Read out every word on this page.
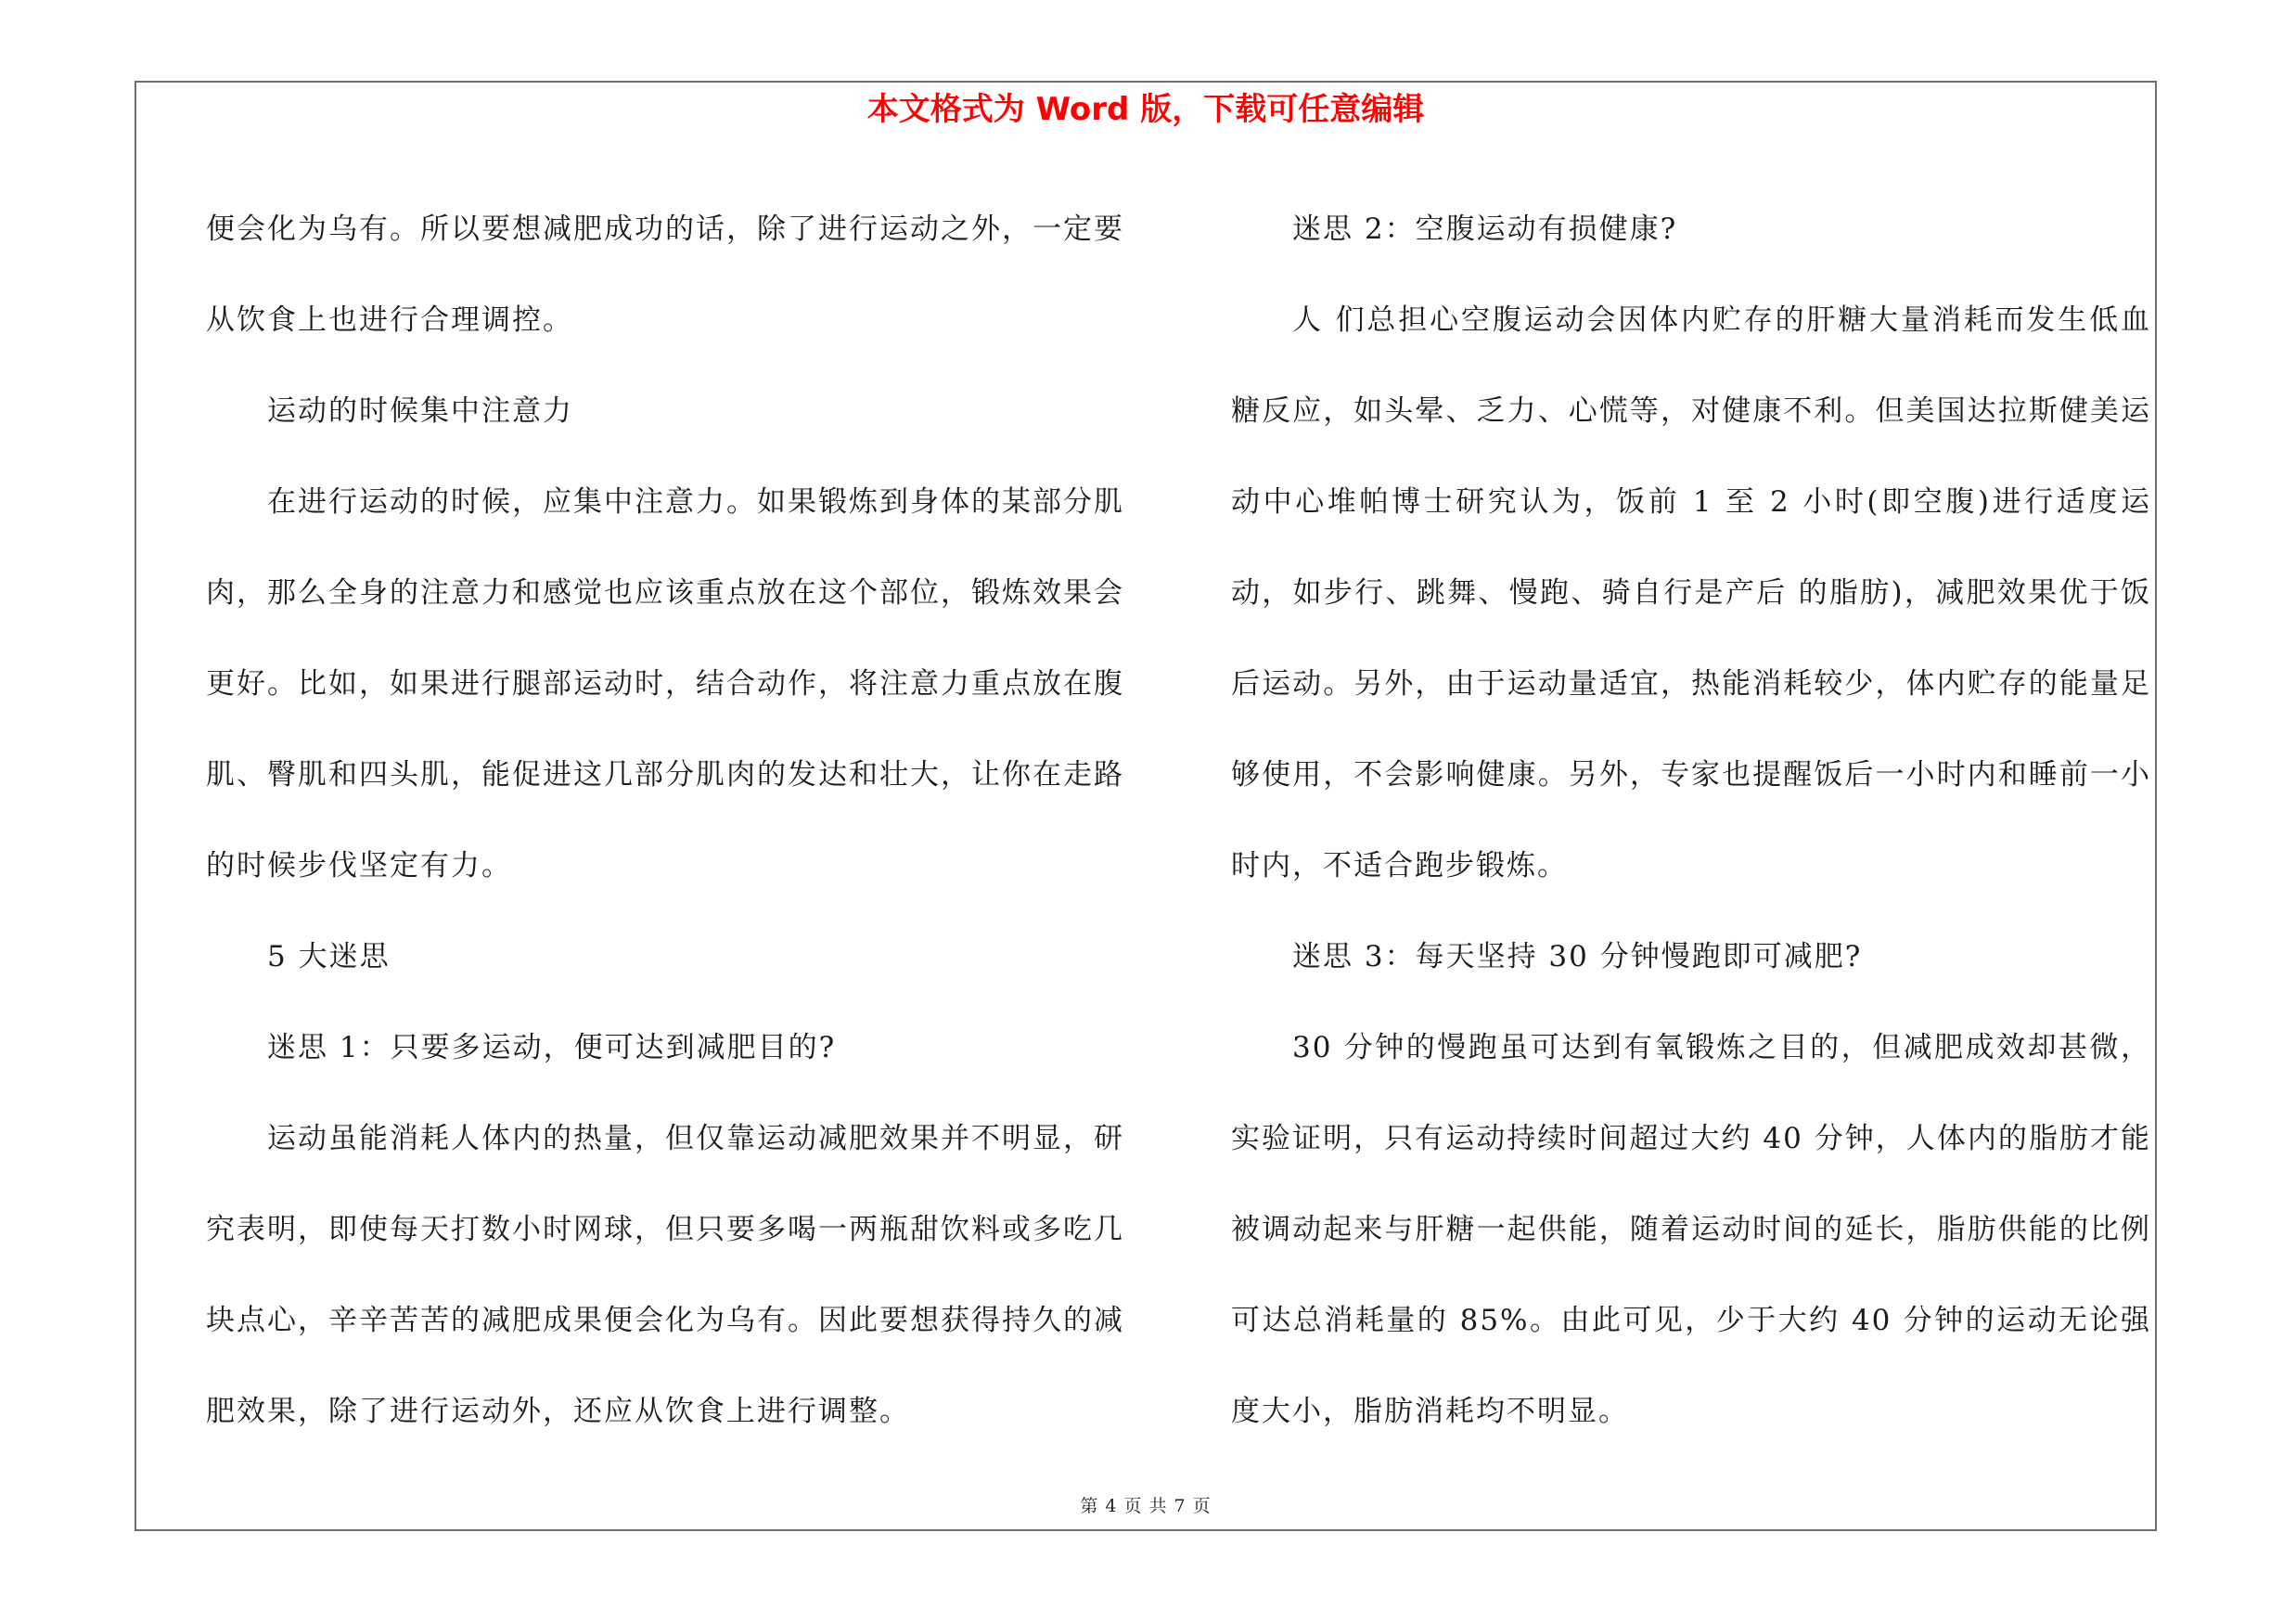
本文格式为 Word 版，下载可任意编辑

便会化为乌有。所以要想减肥成功的话，除了进行运动之外，一定要从饮食上也进行合理调控。

运动的时候集中注意力

在进行运动的时候，应集中注意力。如果锻炼到身体的某部分肌肉，那么全身的注意力和感觉也应该重点放在这个部位，锻炼效果会更好。比如，如果进行腿部运动时，结合动作，将注意力重点放在腹肌、臀肌和四头肌，能促进这几部分肌肉的发达和壮大，让你在走路的时候步伐坚定有力。

5 大迷思

迷思 1：只要多运动，便可达到减肥目的?

运动虽能消耗人体内的热量，但仅靠运动减肥效果并不明显，研究表明，即使每天打数小时网球，但只要多喝一两瓶甜饮料或多吃几块点心，辛辛苦苦的减肥成果便会化为乌有。因此要想获得持久的减肥效果，除了进行运动外，还应从饮食上进行调整。

迷思 2：空腹运动有损健康?

人 们总担心空腹运动会因体内贮存的肝糖大量消耗而发生低血糖反应，如头晕、乏力、心慌等，对健康不利。但美国达拉斯健美运动中心堆帕博士研究认为，饭前 1 至 2 小时(即空腹)进行适度运动，如步行、跳舞、慢跑、骑自行是产后 的脂肪)，减肥效果优于饭后运动。另外，由于运动量适宜，热能消耗较少，体内贮存的能量足够使用，不会影响健康。另外，专家也提醒饭后一小时内和睡前一小 时内，不适合跑步锻炼。

迷思 3：每天坚持 30 分钟慢跑即可减肥?

30 分钟的慢跑虽可达到有氧锻炼之目的，但减肥成效却甚微，实验证明，只有运动持续时间超过大约 40 分钟，人体内的脂肪才能被调动起来与肝糖一起供能，随着运动时间的延长，脂肪供能的比例可达总消耗量的 85%。由此可见，少于大约 40 分钟的运动无论强度大小，脂肪消耗均不明显。

第 4 页 共 7 页
